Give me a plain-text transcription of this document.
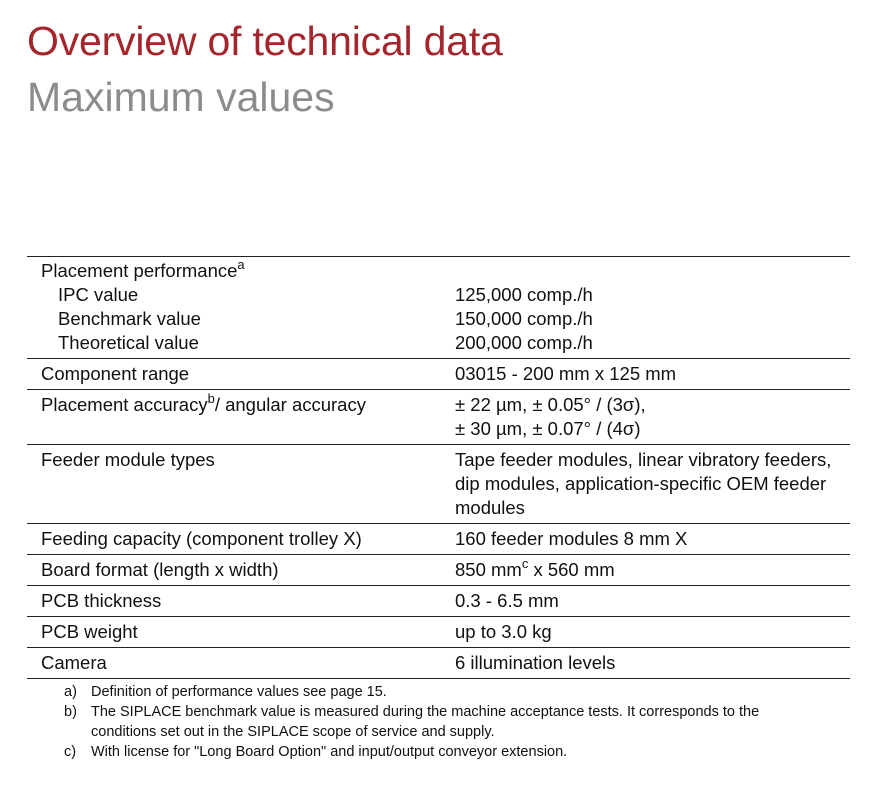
Overview of technical data
Maximum values
Placement performance$^a$	
IPC value	125,000 comp./h
Benchmark value	150,000 comp./h
Theoretical value	200,000 comp./h
Component range	03015 - 200 mm x 125 mm
Placement accuracy$^b$/ angular accuracy	± 22 µm, ± 0.05° / (3σ),
± 30 µm, ± 0.07° / (4σ)

Feeder module types	Tape feeder modules, linear vibratory feeders, dip modules, application-specific OEM feeder modules
Feeding capacity (component trolley X)	160 feeder modules 8 mm X
Board format (length x width)	850 $mm^c$ x 560 mm
PCB thickness	0.3 - 6.5 mm
PCB weight	up to 3.0 kg
Camera	6 illumination levels
a) Definition of performance values see page 15.
b) The SIPLACE benchmark value is measured during the machine acceptance tests. It corresponds to the conditions set out in the SIPLACE scope of service and supply.
c) With license for "Long Board Option" and input/output conveyor extension.
